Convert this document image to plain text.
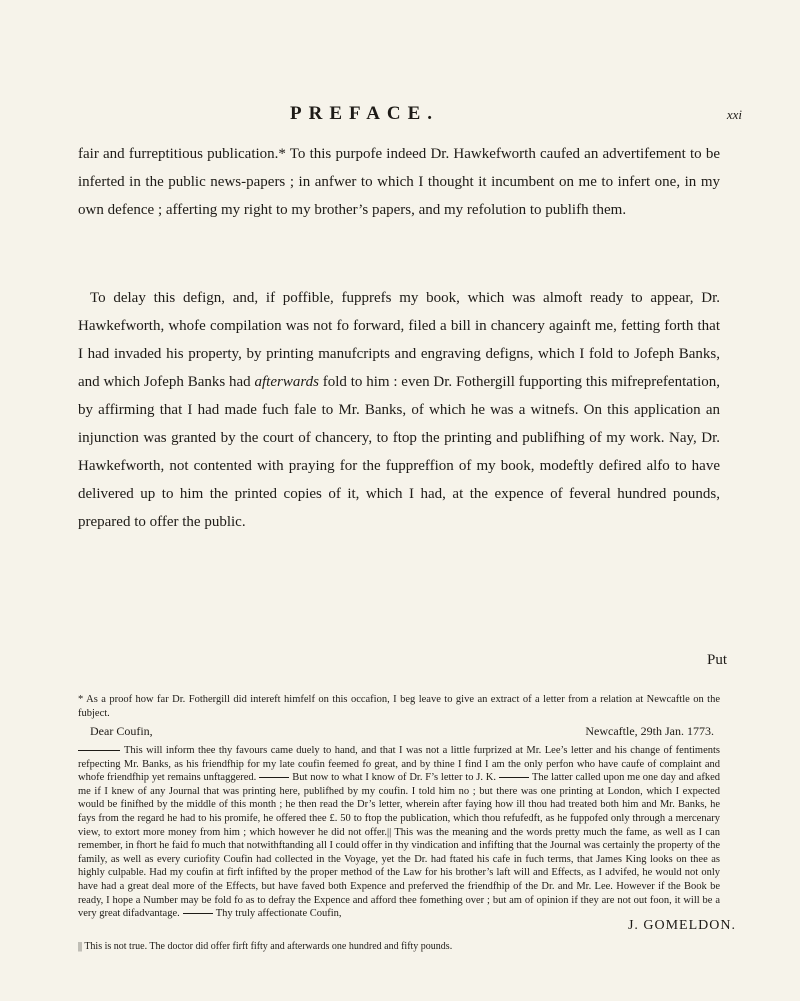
PREFACE.	xxi

fair and furreptitious publication.* To this purpofe indeed Dr. Hawkefworth caufed an advertifement to be inferted in the public news-papers ; in anfwer to which I thought it incumbent on me to infert one, in my own defence ; afferting my right to my brother’s papers, and my refolution to publifh them.

To delay this defign, and, if poffible, fupprefs my book, which was almoft ready to appear, Dr. Hawkefworth, whofe compilation was not fo forward, filed a bill in chancery againft me, fetting forth that I had invaded his property, by printing manufcripts and engraving defigns, which I fold to Jofeph Banks, and which Jofeph Banks had afterwards fold to him : even Dr. Fothergill fupporting this mifreprefentation, by affirming that I had made fuch fale to Mr. Banks, of which he was a witnefs. On this application an injunction was granted by the court of chancery, to ftop the printing and publifhing of my work. Nay, Dr. Hawkefworth, not contented with praying for the fuppreffion of my book, modeftly defired alfo to have delivered up to him the printed copies of it, which I had, at the expence of feveral hundred pounds, prepared to offer the public.

Put
* As a proof how far Dr. Fothergill did intereft himfelf on this occafion, I beg leave to give an extract of a letter from a relation at Newcaftle on the fubject.
Dear Coufin,	Newcaftle, 29th Jan. 1773.
This will inform thee thy favours came duely to hand, and that I was not a little furprized at Mr. Lee’s letter and his change of fentiments refpecting Mr. Banks, as his friendfhip for my late coufin feemed fo great, and by thine I find I am the only perfon who have caufe of complaint and whofe friendfhip yet remains unftaggered.	But now to what I know of Dr. F’s letter to J. K.	The latter called upon me one day and afked me if I knew of any Journal that was printing here, publifhed by my coufin. I told him no ; but there was one printing at London, which I expected would be finifhed by the middle of this month ; he then read the Dr’s letter, wherein after faying how ill thou had treated both him and Mr. Banks, he fays from the regard he had to his promife, he offered thee £. 50 to ftop the publication, which thou refufedft, as he fuppofed only through a mercenary view, to extort more money from him ; which however he did not offer.|| This was the meaning and the words pretty much the fame, as well as I can remember, in fhort he faid fo much that notwithftanding all I could offer in thy vindication and infifting that the Journal was certainly the property of the family, as well as every curiofity Coufin had collected in the Voyage, yet the Dr. had ftated his cafe in fuch terms, that James King looks on thee as highly culpable. Had my coufin at firft infifted by the proper method of the Law for his brother’s laft will and Effects, as I advifed, he would not only have had a great deal more of the Effects, but have faved both Expence and preferved the friendfhip of the Dr. and Mr. Lee. However if the Book be ready, I hope a Number may be fold fo as to defray the Expence and afford thee fomething over ; but am of opinion if they are not out foon, it will be a very great difadvantage.	Thy truly affectionate Coufin,
J. GOMELDON.
|| This is not true. The doctor did offer firft fifty and afterwards one hundred and fifty pounds.
